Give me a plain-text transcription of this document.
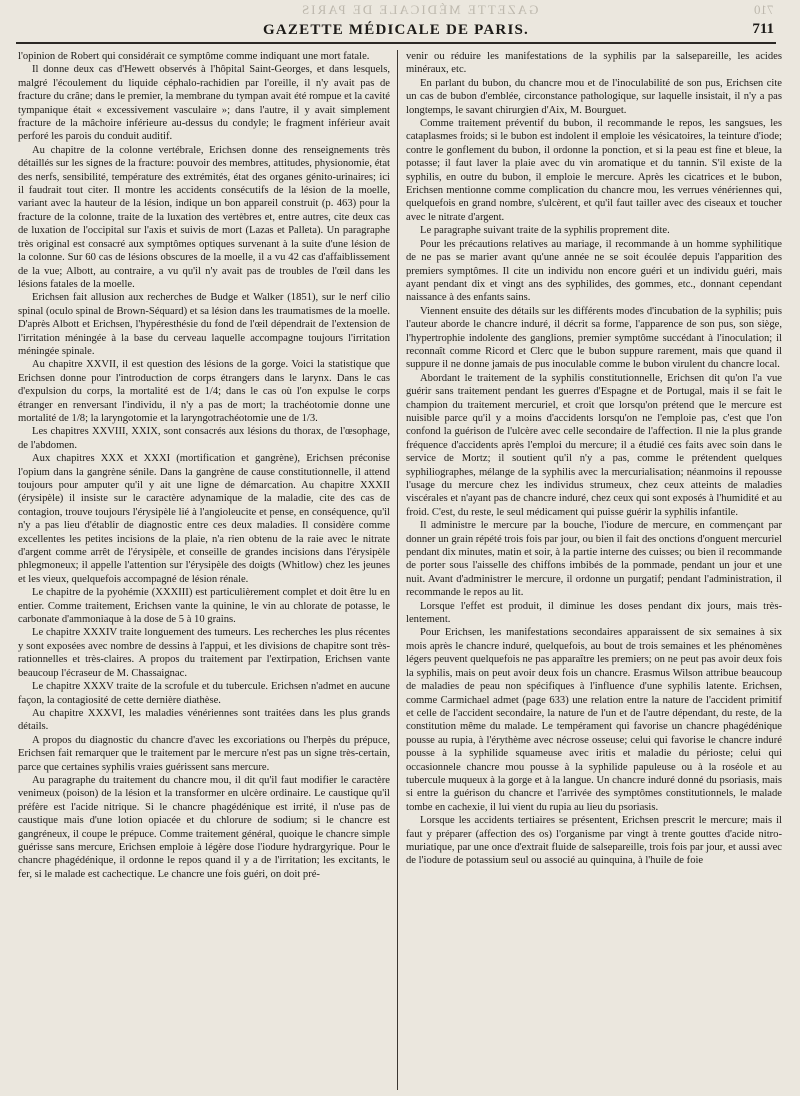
GAZETTE MÉDICALE DE PARIS	710
GAZETTE MÉDICALE DE PARIS.	711

l'opinion de Robert qui considérait ce symptôme comme indiquant une mort fatale.

Il donne deux cas d'Hewett observés à l'hôpital Saint-Georges, et dans lesquels, malgré l'écoulement du liquide céphalo-rachidien par l'oreille, il n'y avait pas de fracture du crâne; dans le premier, la membrane du tympan avait été rompue et la cavité tympanique était « excessivement vasculaire »; dans l'autre, il y avait simplement fracture de la mâchoire inférieure au-dessus du condyle; le fragment inférieur avait perforé les parois du conduit auditif.

Au chapitre de la colonne vertébrale, Erichsen donne des renseignements très détaillés sur les signes de la fracture: pouvoir des membres, attitudes, physionomie, état des nerfs, sensibilité, température des extrémités, état des organes génito-urinaires; ici il faudrait tout citer. Il montre les accidents consécutifs de la lésion de la moelle, variant avec la hauteur de la lésion, indique un bon appareil construit (p. 463) pour la fracture de la colonne, traite de la luxation des vertèbres et, entre autres, cite deux cas de luxation de l'occipital sur l'axis et suivis de mort (Lazas et Palleta). Un paragraphe très original est consacré aux symptômes optiques survenant à la suite d'une lésion de la colonne. Sur 60 cas de lésions obscures de la moelle, il a vu 42 cas d'affaiblissement de la vue; Albott, au contraire, a vu qu'il n'y avait pas de troubles de l'œil dans les lésions fatales de la moelle.

Erichsen fait allusion aux recherches de Budge et Walker (1851), sur le nerf cilio spinal (oculo spinal de Brown-Séquard) et sa lésion dans les traumatismes de la moelle. D'après Albott et Erichsen, l'hypéresthésie du fond de l'œil dépendrait de l'extension de l'irritation méningée à la base du cerveau laquelle accompagne toujours l'irritation méningée spinale.

Au chapitre XXVII, il est question des lésions de la gorge. Voici la statistique que Erichsen donne pour l'introduction de corps étrangers dans le larynx. Dans le cas d'expulsion du corps, la mortalité est de 1/4; dans le cas où l'on expulse le corps étranger en renversant l'individu, il n'y a pas de mort; la trachéotomie donne une mortalité de 1/8; la laryngotomie et la laryngotrachéotomie une de 1/3.

Les chapitres XXVIII, XXIX, sont consacrés aux lésions du thorax, de l'œsophage, de l'abdomen.

Aux chapitres XXX et XXXI (mortification et gangrène), Erichsen préconise l'opium dans la gangrène sénile. Dans la gangrène de cause constitutionnelle, il attend toujours pour amputer qu'il y ait une ligne de démarcation. Au chapitre XXXII (érysipèle) il insiste sur le caractère adynamique de la maladie, cite des cas de contagion, trouve toujours l'érysipèle lié à l'angioleucite et pense, en conséquence, qu'il n'y a pas lieu d'établir de diagnostic entre ces deux maladies. Il considère comme excellentes les petites incisions de la plaie, n'a rien obtenu de la raie avec le nitrate d'argent comme arrêt de l'érysipèle, et conseille de grandes incisions dans l'érysipèle phlegmoneux; il appelle l'attention sur l'érysipèle des doigts (Whitlow) chez les jeunes et les vieux, quelquefois accompagné de lésion rénale.

Le chapitre de la pyohémie (XXXIII) est particulièrement complet et doit être lu en entier. Comme traitement, Erichsen vante la quinine, le vin au chlorate de potasse, le carbonate d'ammoniaque à la dose de 5 à 10 grains.

Le chapitre XXXIV traite longuement des tumeurs. Les recherches les plus récentes y sont exposées avec nombre de dessins à l'appui, et les divisions de chapitre sont très-rationnelles et très-claires. A propos du traitement par l'extirpation, Erichsen vante beaucoup l'écraseur de M. Chassaignac.

Le chapitre XXXV traite de la scrofule et du tubercule. Erichsen n'admet en aucune façon, la contagiosité de cette dernière diathèse.

Au chapitre XXXVI, les maladies vénériennes sont traitées dans les plus grands détails.

A propos du diagnostic du chancre d'avec les excoriations ou l'herpès du prépuce, Erichsen fait remarquer que le traitement par le mercure n'est pas un signe très-certain, parce que certaines syphilis vraies guérissent sans mercure.

Au paragraphe du traitement du chancre mou, il dit qu'il faut modifier le caractère venimeux (poison) de la lésion et la transformer en ulcère ordinaire. Le caustique qu'il préfère est l'acide nitrique. Si le chancre phagédénique est irrité, il n'use pas de caustique mais d'une lotion opiacée et du chlorure de sodium; si le chancre est gangréneux, il coupe le prépuce. Comme traitement général, quoique le chancre simple guérisse sans mercure, Erichsen emploie à légère dose l'iodure hydrargyrique. Pour le chancre phagédénique, il ordonne le repos quand il y a de l'irritation; les excitants, le fer, si le malade est cachectique. Le chancre une fois guéri, on doit pré-

venir ou réduire les manifestations de la syphilis par la salsepareille, les acides minéraux, etc.

En parlant du bubon, du chancre mou et de l'inoculabilité de son pus, Erichsen cite un cas de bubon d'emblée, circonstance pathologique, sur laquelle insistait, il n'y a pas longtemps, le savant chirurgien d'Aix, M. Bourguet.

Comme traitement préventif du bubon, il recommande le repos, les sangsues, les cataplasmes froids; si le bubon est indolent il emploie les vésicatoires, la teinture d'iode; contre le gonflement du bubon, il ordonne la ponction, et si la peau est fine et bleue, la potasse; il faut laver la plaie avec du vin aromatique et du tannin. S'il existe de la syphilis, en outre du bubon, il emploie le mercure. Après les cicatrices et le bubon, Erichsen mentionne comme complication du chancre mou, les verrues vénériennes qui, quelquefois en grand nombre, s'ulcèrent, et qu'il faut tailler avec des ciseaux et toucher avec le nitrate d'argent.

Le paragraphe suivant traite de la syphilis proprement dite.

Pour les précautions relatives au mariage, il recommande à un homme syphilitique de ne pas se marier avant qu'une année ne se soit écoulée depuis l'apparition des premiers symptômes. Il cite un individu non encore guéri et un individu guéri, mais ayant pendant dix et vingt ans des syphilides, des gommes, etc., donnant cependant naissance à des enfants sains.

Viennent ensuite des détails sur les différents modes d'incubation de la syphilis; puis l'auteur aborde le chancre induré, il décrit sa forme, l'apparence de son pus, son siège, l'hypertrophie indolente des ganglions, premier symptôme succédant à l'inoculation; il reconnaît comme Ricord et Clerc que le bubon suppure rarement, mais que quand il suppure il ne donne jamais de pus inoculable comme le bubon virulent du chancre local.

Abordant le traitement de la syphilis constitutionnelle, Erichsen dit qu'on l'a vue guérir sans traitement pendant les guerres d'Espagne et de Portugal, mais il se fait le champion du traitement mercuriel, et croit que lorsqu'on prétend que le mercure est nuisible parce qu'il y a moins d'accidents lorsqu'on ne l'emploie pas, c'est que l'on confond la guérison de l'ulcère avec celle secondaire de l'affection. Il nie la plus grande fréquence d'accidents après l'emploi du mercure; il a étudié ces faits avec soin dans le service de Mortz; il soutient qu'il n'y a pas, comme le prétendent quelques syphiliographes, mélange de la syphilis avec la mercurialisation; néanmoins il repousse l'usage du mercure chez les individus strumeux, chez ceux atteints de maladies viscérales et n'ayant pas de chancre induré, chez ceux qui sont exposés à l'humidité et au froid. C'est, du reste, le seul médicament qui puisse guérir la syphilis infantile.

Il administre le mercure par la bouche, l'iodure de mercure, en commençant par donner un grain répété trois fois par jour, ou bien il fait des onctions d'onguent mercuriel pendant dix minutes, matin et soir, à la partie interne des cuisses; ou bien il recommande de porter sous l'aisselle des chiffons imbibés de la pommade, pendant un jour et une nuit. Avant d'administrer le mercure, il ordonne un purgatif; pendant l'administration, il recommande le repos au lit.

Lorsque l'effet est produit, il diminue les doses pendant dix jours, mais très-lentement.

Pour Erichsen, les manifestations secondaires apparaissent de six semaines à six mois après le chancre induré, quelquefois, au bout de trois semaines et les phénomènes légers peuvent quelquefois ne pas apparaître les premiers; on ne peut pas avoir deux fois la syphilis, mais on peut avoir deux fois un chancre. Erasmus Wilson attribue beaucoup de maladies de peau non spécifiques à l'influence d'une syphilis latente. Erichsen, comme Carmichael admet (page 633) une relation entre la nature de l'accident primitif et celle de l'accident secondaire, la nature de l'un et de l'autre dépendant, du reste, de la constitution même du malade. Le tempérament qui favorise un chancre phagédénique pousse au rupia, à l'érythème avec nécrose osseuse; celui qui favorise le chancre induré pousse à la syphilide squameuse avec iritis et maladie du périoste; celui qui occasionnele chancre mou pousse à la syphilide papuleuse ou à la roséole et au tubercule muqueux à la gorge et à la langue. Un chancre induré donné du psoriasis, mais si entre la guérison du chancre et l'arrivée des symptômes constitutionnels, le malade tombe en cachexie, il lui vient du rupia au lieu du psoriasis.

Lorsque les accidents tertiaires se présentent, Erichsen prescrit le mercure; mais il faut y préparer (affection des os) l'organisme par vingt à trente gouttes d'acide nitro-muriatique, par une once d'extrait fluide de salsepareille, trois fois par jour, et aussi avec de l'iodure de potassium seul ou associé au quinquina, à l'huile de foie
